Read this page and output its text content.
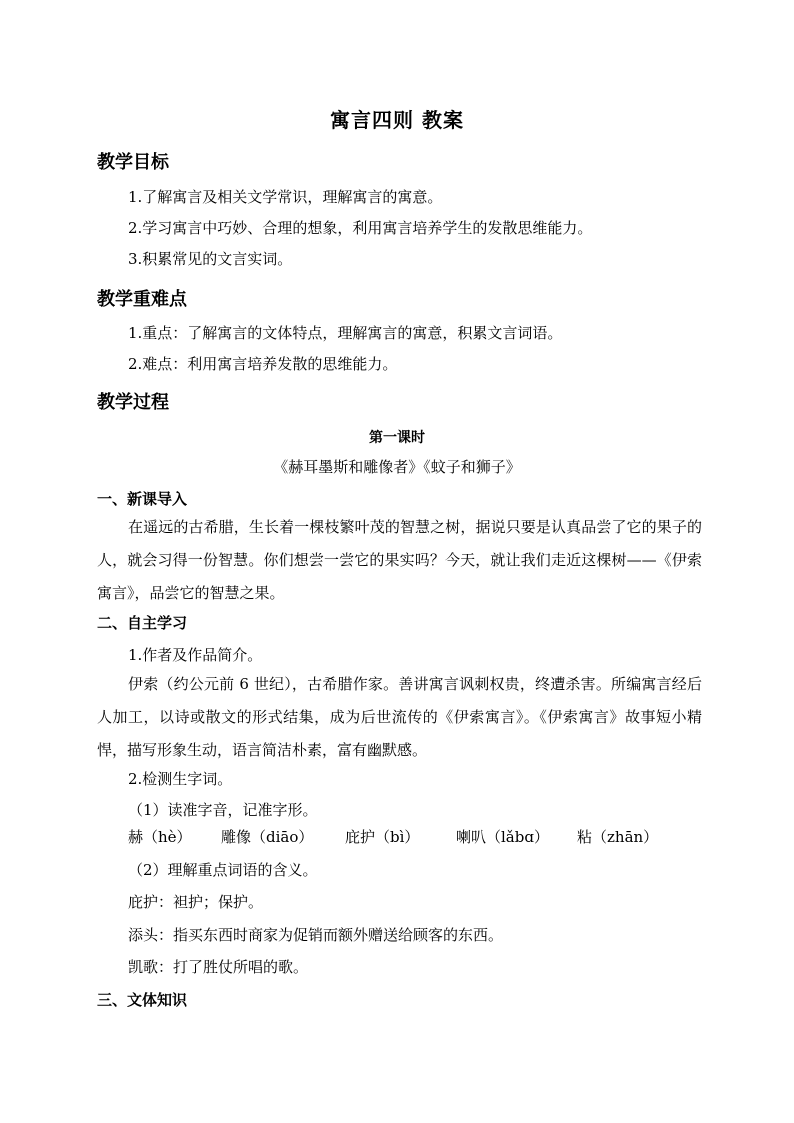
寓言四则 教案
教学目标
1.了解寓言及相关文学常识，理解寓言的寓意。
2.学习寓言中巧妙、合理的想象，利用寓言培养学生的发散思维能力。
3.积累常见的文言实词。
教学重难点
1.重点：了解寓言的文体特点，理解寓言的寓意，积累文言词语。
2.难点：利用寓言培养发散的思维能力。
教学过程
第一课时
《赫耳墨斯和雕像者》《蚊子和狮子》
一、新课导入
在遥远的古希腊，生长着一棵枝繁叶茂的智慧之树，据说只要是认真品尝了它的果子的人，就会习得一份智慧。你们想尝一尝它的果实吗？今天，就让我们走近这棵树——《伊索寓言》，品尝它的智慧之果。
二、自主学习
1.作者及作品简介。
伊索（约公元前 6 世纪），古希腊作家。善讲寓言讽刺权贵，终遭杀害。所编寓言经后人加工，以诗或散文的形式结集，成为后世流传的《伊索寓言》。《伊索寓言》故事短小精悍，描写形象生动，语言简洁朴素，富有幽默感。
2.检测生字词。
（1）读准字音，记准字形。
赫（hè） 雕像（diāo） 庇护（bì） 喇叭（lǎbɑ） 粘（zhān）
（2）理解重点词语的含义。
庇护：袒护；保护。
添头：指买东西时商家为促销而额外赠送给顾客的东西。
凯歌：打了胜仗所唱的歌。
三、文体知识
